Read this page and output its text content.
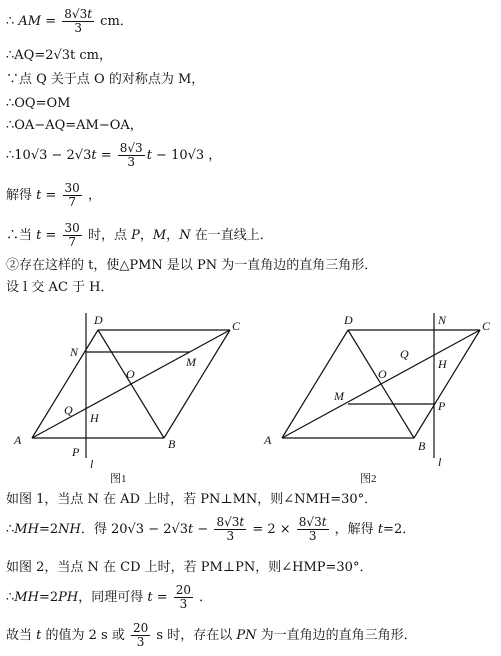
∴ AM = $\frac{8√3t}{3}$ cm．
∴AQ=2√3t cm，
∵点 Q 关于点 O 的对称点为 M，
∴OQ=OM
∴OA−AQ=AM−OA，
∴10√3 − $2√3t = \frac{8√3}{3}$ t − 10√3 ，
解得 $t = \frac{30}{7}$ ，
∴当 $t = \frac{30}{7}$ 时，点 P，M，N 在一直线上．
②存在这样的 t，使△PMN 是以 PN 为一直角边的直角三角形．
设 l 交 AC 于 H．
A	B
C
D
N
M
O
Q
H
P
l
图1
A	B
C
D	N
M
O
Q
H
P
l
图2
如图 1，当点 N 在 AD 上时，若 PN⊥MN，则∠NMH=30°．
∴MH=2NH．得 $20√3 - 2√3t - \frac{8√3t}{3} = 2 \times \frac{8√3t}{3}$ ，解得 t=2．
如图 2，当点 N 在 CD 上时，若 PM⊥PN，则∠HMP=30°．
∴MH=2PH，同理可得 $t = \frac{20}{3}$ ．
故当 t 的值为 2 s 或 $\frac{20}{3}$ s 时，存在以 PN 为一直角边的直角三角形．
